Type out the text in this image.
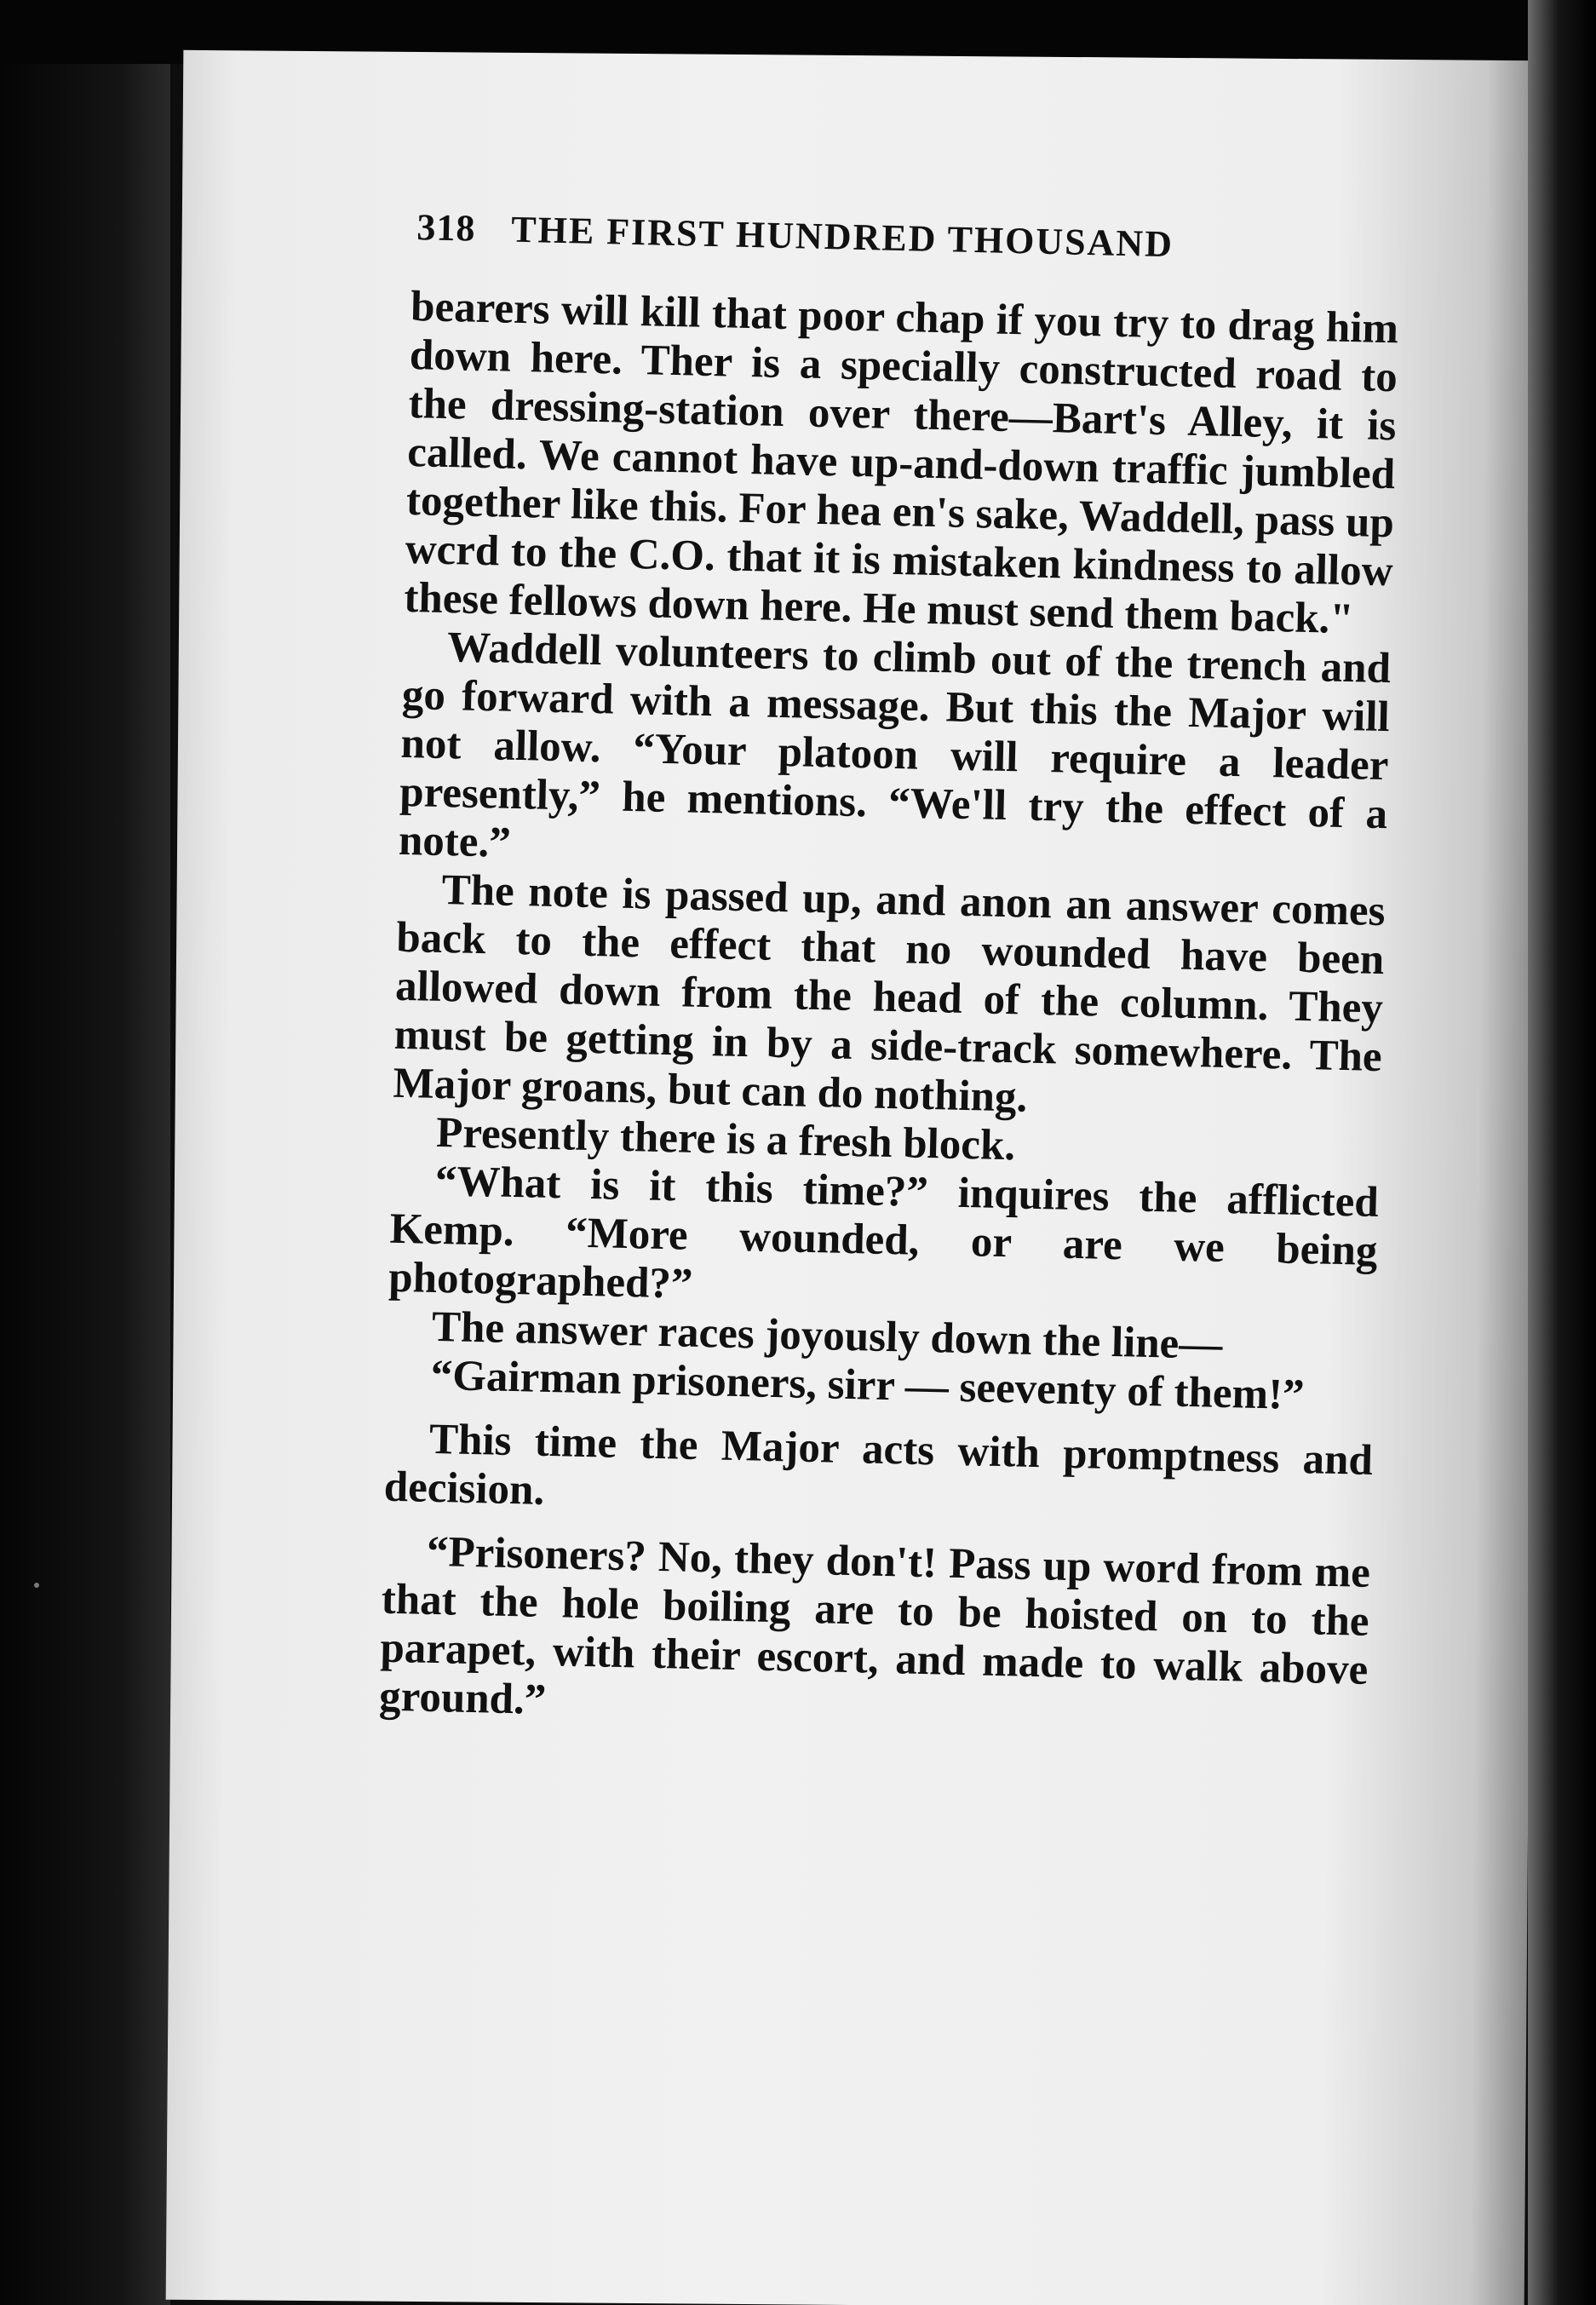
318 THE FIRST HUNDRED THOUSAND

bearers will kill that poor chap if you try to drag him down here. Ther is a specially constructed road to the dressing-station over there—Bart's Alley, it is called. We cannot have up-and-down traffic jumbled together like this. For hea en's sake, Waddell, pass up wcrd to the C.O. that it is mistaken kindness to allow these fellows down here. He must send them back."

Waddell volunteers to climb out of the trench and go forward with a message. But this the Major will not allow. “Your platoon will require a leader presently,” he mentions. “We'll try the effect of a note.”

The note is passed up, and anon an answer comes back to the effect that no wounded have been allowed down from the head of the column. They must be getting in by a side-track somewhere. The Major groans, but can do nothing.

Presently there is a fresh block.

“What is it this time?” inquires the afflicted Kemp. “More wounded, or are we being photographed?”

The answer races joyously down the line—

“Gairman prisoners, sirr — seeventy of them!”

This time the Major acts with promptness and decision.

“Prisoners? No, they don't! Pass up word from me that the hole boiling are to be hoisted on to the parapet, with their escort, and made to walk above ground.”
